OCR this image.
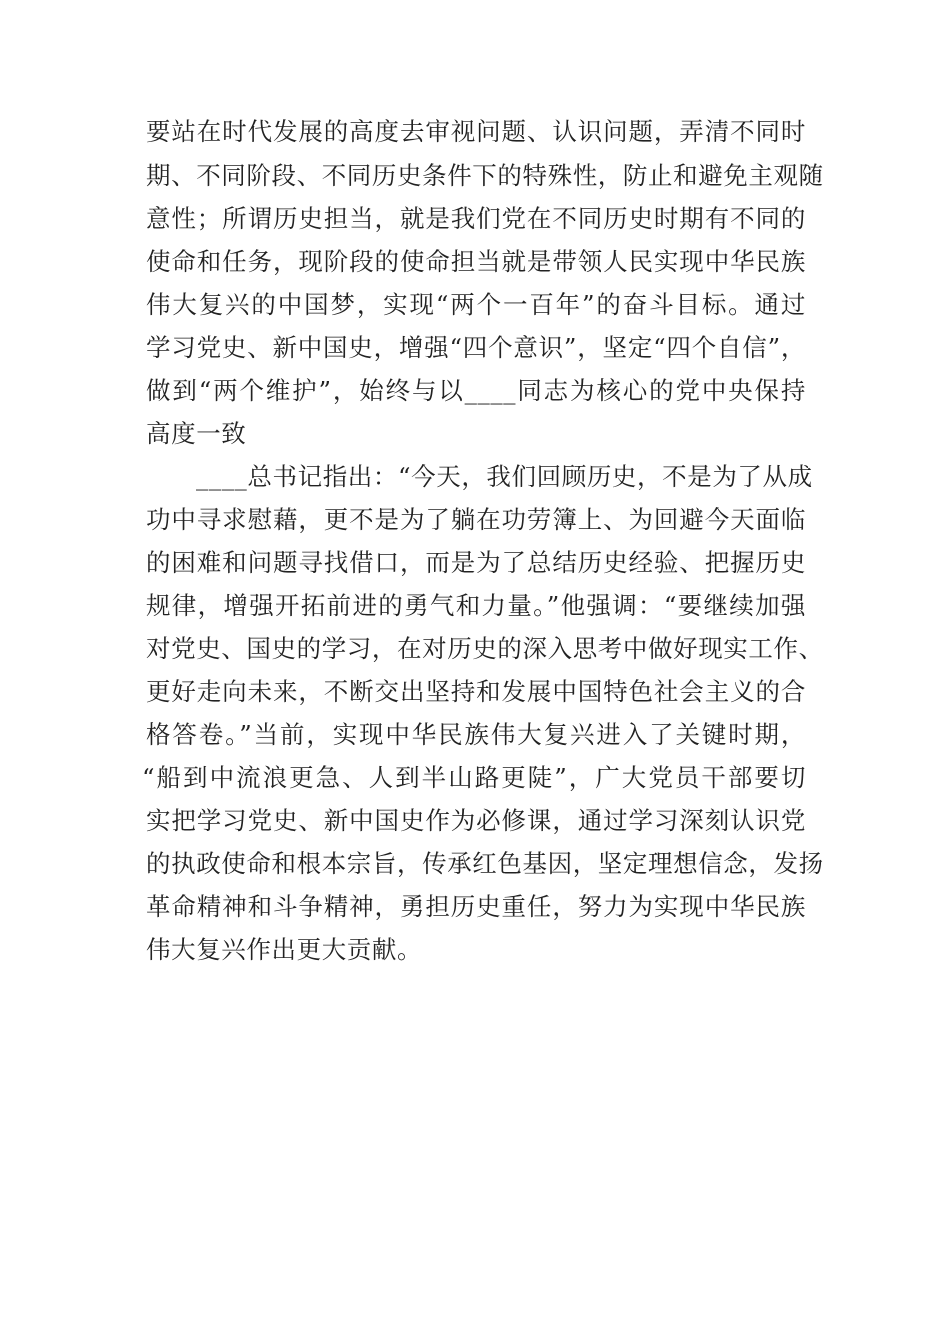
要站在时代发展的高度去审视问题、认识问题，弄清不同时
期、不同阶段、不同历史条件下的特殊性，防止和避免主观随
意性；所谓历史担当，就是我们党在不同历史时期有不同的
使命和任务，现阶段的使命担当就是带领人民实现中华民族
伟大复兴的中国梦，实现“两个一百年”的奋斗目标。通过
学习党史、新中国史，增强“四个意识”，坚定“四个自信”，
做到“两个维护”，始终与以____同志为核心的党中央保持
高度一致
____总书记指出：“今天，我们回顾历史，不是为了从成
功中寻求慰藉，更不是为了躺在功劳簿上、为回避今天面临
的困难和问题寻找借口，而是为了总结历史经验、把握历史
规律，增强开拓前进的勇气和力量。”他强调：“要继续加强
对党史、国史的学习，在对历史的深入思考中做好现实工作、
更好走向未来，不断交出坚持和发展中国特色社会主义的合
格答卷。”当前，实现中华民族伟大复兴进入了关键时期，
“船到中流浪更急、人到半山路更陡”，广大党员干部要切
实把学习党史、新中国史作为必修课，通过学习深刻认识党
的执政使命和根本宗旨，传承红色基因，坚定理想信念，发扬
革命精神和斗争精神，勇担历史重任，努力为实现中华民族
伟大复兴作出更大贡献。
